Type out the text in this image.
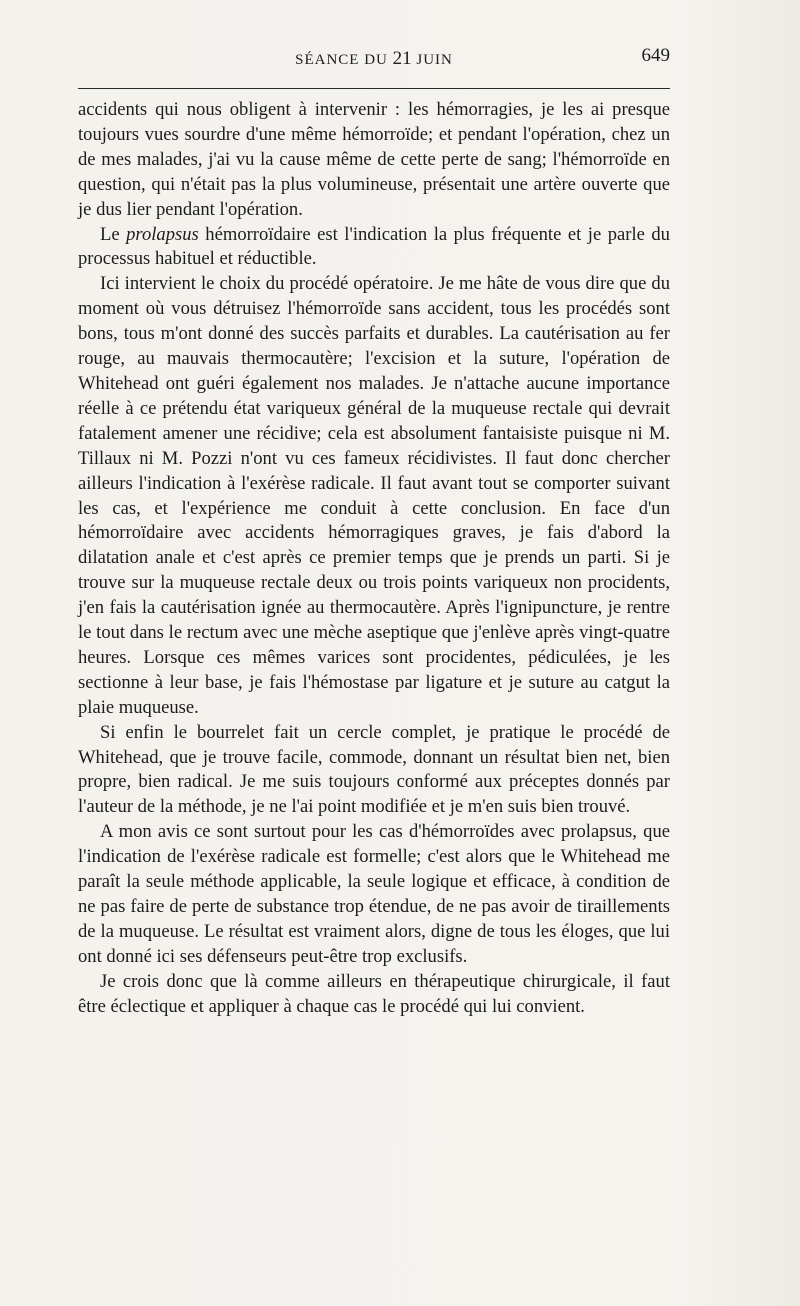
SÉANCE DU 21 JUIN	649

accidents qui nous obligent à intervenir : les hémorragies, je les ai presque toujours vues sourdre d'une même hémorroïde; et pendant l'opération, chez un de mes malades, j'ai vu la cause même de cette perte de sang; l'hémorroïde en question, qui n'était pas la plus volumineuse, présentait une artère ouverte que je dus lier pendant l'opération.

Le prolapsus hémorroïdaire est l'indication la plus fréquente et je parle du processus habituel et réductible.

Ici intervient le choix du procédé opératoire. Je me hâte de vous dire que du moment où vous détruisez l'hémorroïde sans accident, tous les procédés sont bons, tous m'ont donné des succès parfaits et durables. La cautérisation au fer rouge, au mauvais thermocautère; l'excision et la suture, l'opération de Whitehead ont guéri également nos malades. Je n'attache aucune importance réelle à ce prétendu état variqueux général de la muqueuse rectale qui devrait fatalement amener une récidive; cela est absolument fantaisiste puisque ni M. Tillaux ni M. Pozzi n'ont vu ces fameux récidivistes. Il faut donc chercher ailleurs l'indication à l'exérèse radicale. Il faut avant tout se comporter suivant les cas, et l'expérience me conduit à cette conclusion. En face d'un hémorroïdaire avec accidents hémorragiques graves, je fais d'abord la dilatation anale et c'est après ce premier temps que je prends un parti. Si je trouve sur la muqueuse rectale deux ou trois points variqueux non procidents, j'en fais la cautérisation ignée au thermocautère. Après l'ignipuncture, je rentre le tout dans le rectum avec une mèche aseptique que j'enlève après vingt-quatre heures. Lorsque ces mêmes varices sont procidentes, pédiculées, je les sectionne à leur base, je fais l'hémostase par ligature et je suture au catgut la plaie muqueuse.

Si enfin le bourrelet fait un cercle complet, je pratique le procédé de Whitehead, que je trouve facile, commode, donnant un résultat bien net, bien propre, bien radical. Je me suis toujours conformé aux préceptes donnés par l'auteur de la méthode, je ne l'ai point modifiée et je m'en suis bien trouvé.

A mon avis ce sont surtout pour les cas d'hémorroïdes avec prolapsus, que l'indication de l'exérèse radicale est formelle; c'est alors que le Whitehead me paraît la seule méthode applicable, la seule logique et efficace, à condition de ne pas faire de perte de substance trop étendue, de ne pas avoir de tiraillements de la muqueuse. Le résultat est vraiment alors, digne de tous les éloges, que lui ont donné ici ses défenseurs peut-être trop exclusifs.

Je crois donc que là comme ailleurs en thérapeutique chirurgicale, il faut être éclectique et appliquer à chaque cas le procédé qui lui convient.
